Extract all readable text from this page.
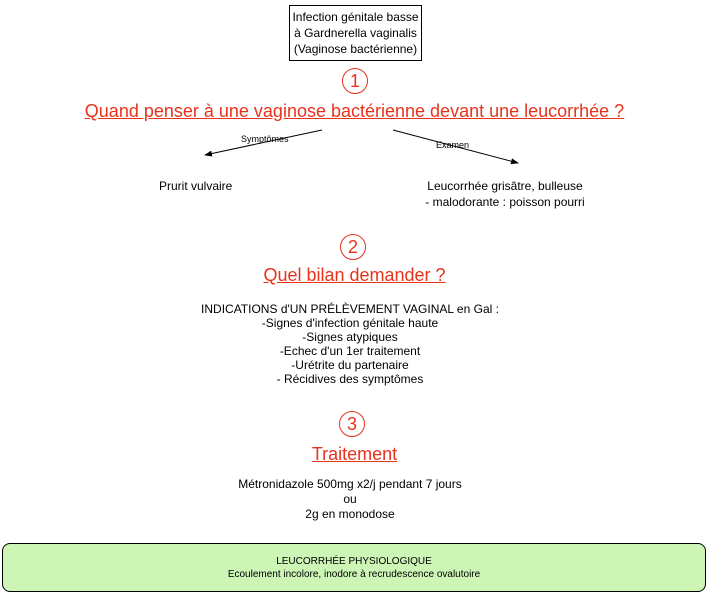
Infection génitale basse
à Gardnerella vaginalis
(Vaginose bactérienne)
1
Quand penser à une vaginose bactérienne devant une leucorrhée ?
Symptômes
Examen
Prurit vulvaire	Leucorrhée grisâtre, bulleuse
- malodorante : poisson pourri
2
Quel bilan demander ?
INDICATIONS d'UN PRÉLÈVEMENT VAGINAL en Gal :
-Signes d'infection génitale haute
-Signes atypiques
-Echec d'un 1er traitement
-Urétrite du partenaire
- Récidives des symptômes
3
Traitement
Métronidazole 500mg x2/j pendant 7 jours
ou
2g en monodose
LEUCORRHÉE PHYSIOLOGIQUE
Ecoulement incolore, inodore à recrudescence ovalutoire
